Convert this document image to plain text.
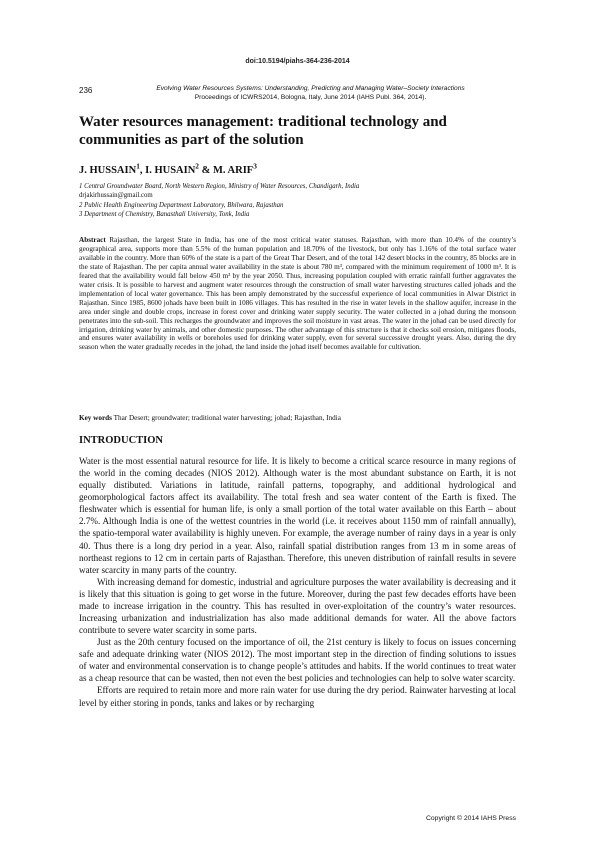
doi:10.5194/piahs-364-236-2014
236	Evolving Water Resources Systems: Understanding, Predicting and Managing Water–Society Interactions
Proceedings of ICWRS2014, Bologna, Italy, June 2014 (IAHS Publ. 364, 2014).
Water resources management: traditional technology and communities as part of the solution

J. HUSSAIN$^1$, I. HUSAIN$^2$ & M. ARIF$^3$

1 Central Groundwater Board, North Western Region, Ministry of Water Resources, Chandigarh, India
drjakirhussain@gmail.com
2 Public Health Engineering Department Laboratory, Bhilwara, Rajasthan
3 Department of Chemistry, Banasthali University, Tonk, India

Abstract Rajasthan, the largest State in India, has one of the most critical water statuses. Rajasthan, with more than 10.4% of the country’s geographical area, supports more than 5.5% of the human population and 18.70% of the livestock, but only has 1.16% of the total surface water available in the country. More than 60% of the state is a part of the Great Thar Desert, and of the total 142 desert blocks in the country, 85 blocks are in the state of Rajasthan. The per capita annual water availability in the state is about 780 m³, compared with the minimum requirement of 1000 m³. It is feared that the availability would fall below 450 m³ by the year 2050. Thus, increasing population coupled with erratic rainfall further aggravates the water crisis. It is possible to harvest and augment water resources through the construction of small water harvesting structures called johads and the implementation of local water governance. This has been amply demonstrated by the successful experience of local communities in Alwar District in Rajasthan. Since 1985, 8600 johads have been built in 1086 villages. This has resulted in the rise in water levels in the shallow aquifer, increase in the area under single and double crops, increase in forest cover and drinking water supply security. The water collected in a johad during the monsoon penetrates into the sub-soil. This recharges the groundwater and improves the soil moisture in vast areas. The water in the johad can be used directly for irrigation, drinking water by animals, and other domestic purposes. The other advantage of this structure is that it checks soil erosion, mitigates floods, and ensures water availability in wells or boreholes used for drinking water supply, even for several successive drought years. Also, during the dry season when the water gradually recedes in the johad, the land inside the johad itself becomes available for cultivation.

Key words Thar Desert; groundwater; traditional water harvesting; johad; Rajasthan, India

INTRODUCTION

Water is the most essential natural resource for life. It is likely to become a critical scarce resource in many regions of the world in the coming decades (NIOS 2012). Although water is the most abundant substance on Earth, it is not equally distibuted. Variations in latitude, rainfall patterns, topography, and additional hydrological and geomorphological factors affect its availability. The total fresh and sea water content of the Earth is fixed. The fleshwater which is essential for human life, is only a small portion of the total water available on this Earth – about 2.7%. Although India is one of the wettest countries in the world (i.e. it receives about 1150 mm of rainfall annually), the spatio-temporal water availability is highly uneven. For example, the average number of rainy days in a year is only 40. Thus there is a long dry period in a year. Also, rainfall spatial distribution ranges from 13 m in some areas of northeast regions to 12 cm in certain parts of Rajasthan. Therefore, this uneven distribution of rainfall results in severe water scarcity in many parts of the country.

With increasing demand for domestic, industrial and agriculture purposes the water availability is decreasing and it is likely that this situation is going to get worse in the future. Moreover, during the past few decades efforts have been made to increase irrigation in the country. This has resulted in over-exploitation of the country’s water resources. Increasing urbanization and industrialization has also made additional demands for water. All the above factors contribute to severe water scarcity in some parts.

Just as the 20th century focused on the importance of oil, the 21st century is likely to focus on issues concerning safe and adequate drinking water (NIOS 2012). The most important step in the direction of finding solutions to issues of water and environmental conservation is to change people’s attitudes and habits. If the world continues to treat water as a cheap resource that can be wasted, then not even the best policies and technologies can help to solve water scarcity.

Efforts are required to retain more and more rain water for use during the dry period. Rainwater harvesting at local level by either storing in ponds, tanks and lakes or by recharging

Copyright © 2014 IAHS Press
